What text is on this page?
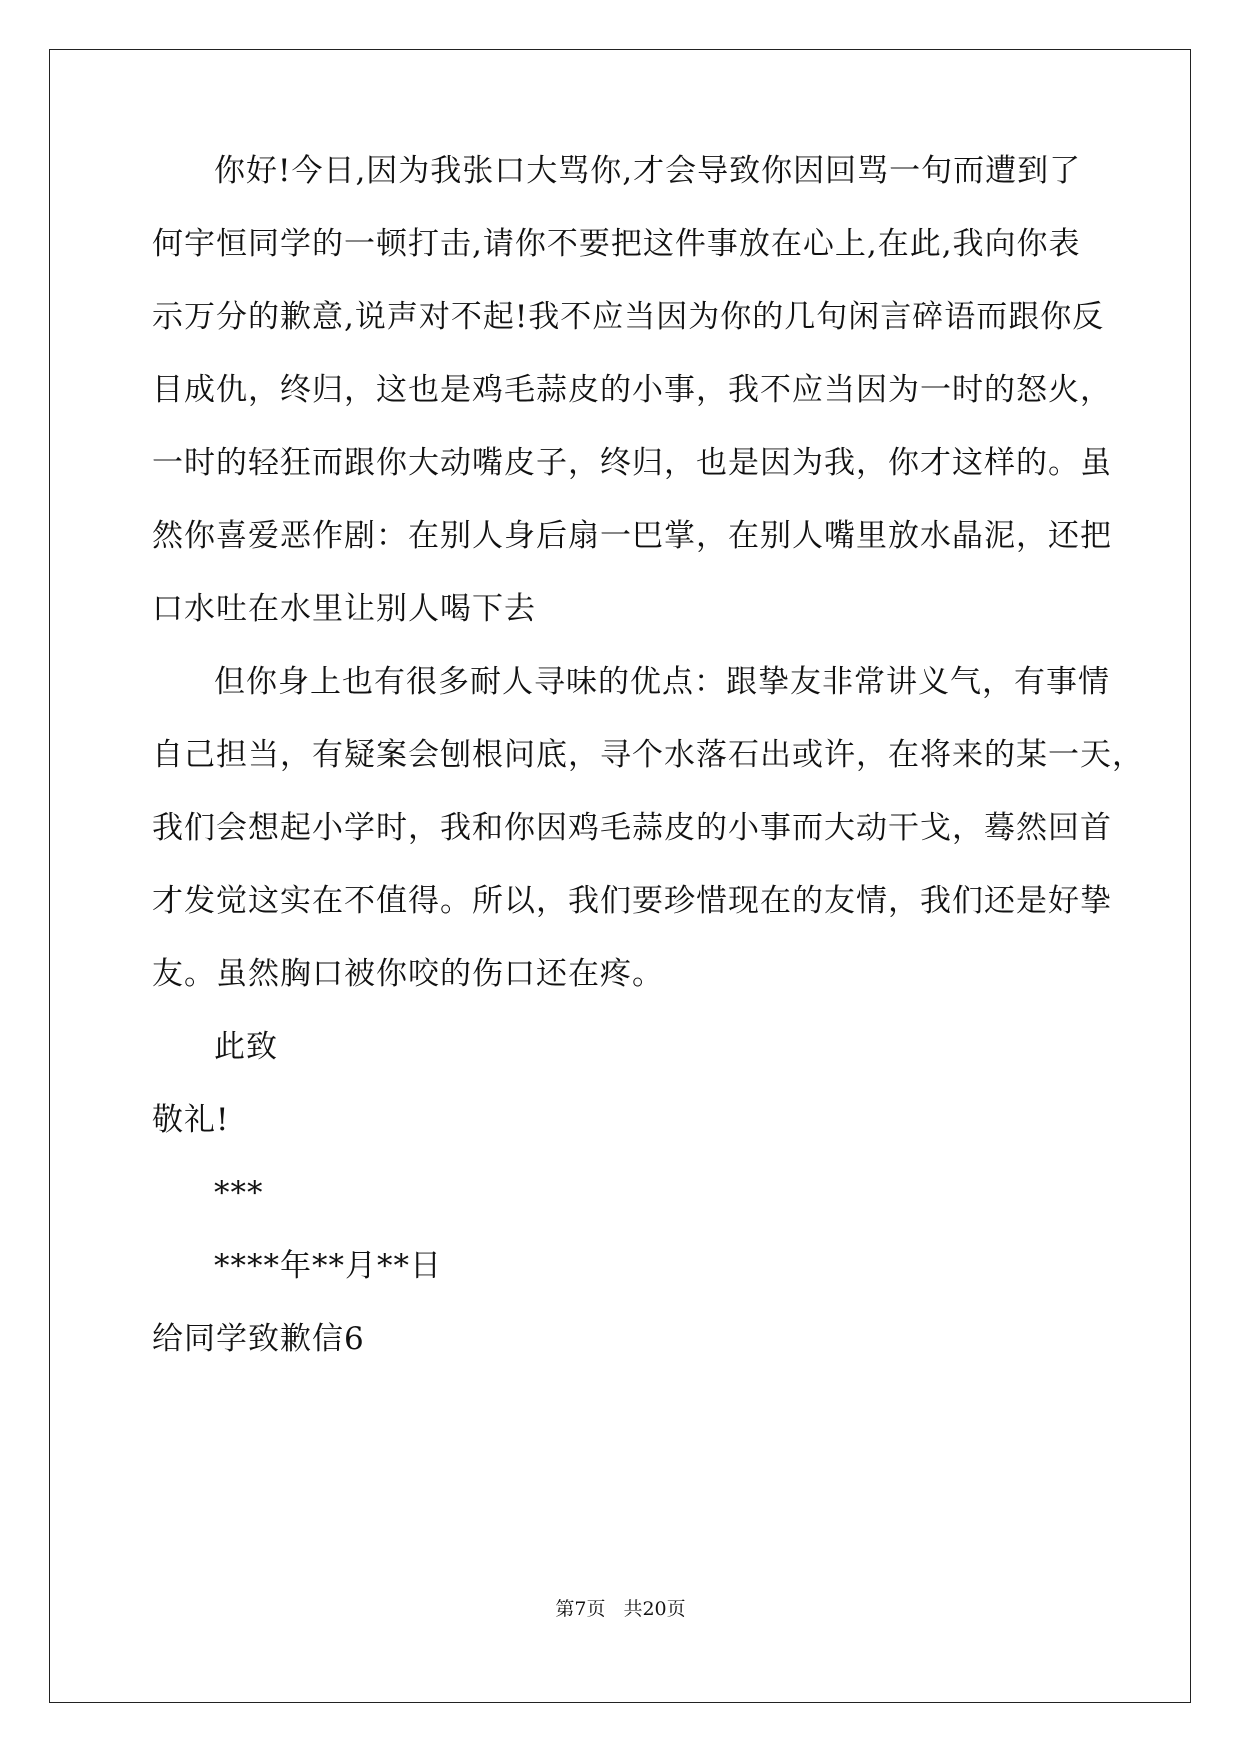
你好!今日,因为我张口大骂你,才会导致你因回骂一句而遭到了
何宇恒同学的一顿打击,请你不要把这件事放在心上,在此,我向你表
示万分的歉意,说声对不起!我不应当因为你的几句闲言碎语而跟你反
目成仇，终归，这也是鸡毛蒜皮的小事，我不应当因为一时的怒火，
一时的轻狂而跟你大动嘴皮子，终归，也是因为我，你才这样的。虽
然你喜爱恶作剧：在别人身后扇一巴掌，在别人嘴里放水晶泥，还把
口水吐在水里让别人喝下去
但你身上也有很多耐人寻味的优点：跟挚友非常讲义气，有事情
自己担当，有疑案会刨根问底，寻个水落石出或许，在将来的某一天，
我们会想起小学时，我和你因鸡毛蒜皮的小事而大动干戈，蓦然回首
才发觉这实在不值得。所以，我们要珍惜现在的友情，我们还是好挚
友。虽然胸口被你咬的伤口还在疼。
此致
敬礼!
***
****年**月**日
给同学致歉信6
第7页 共20页
